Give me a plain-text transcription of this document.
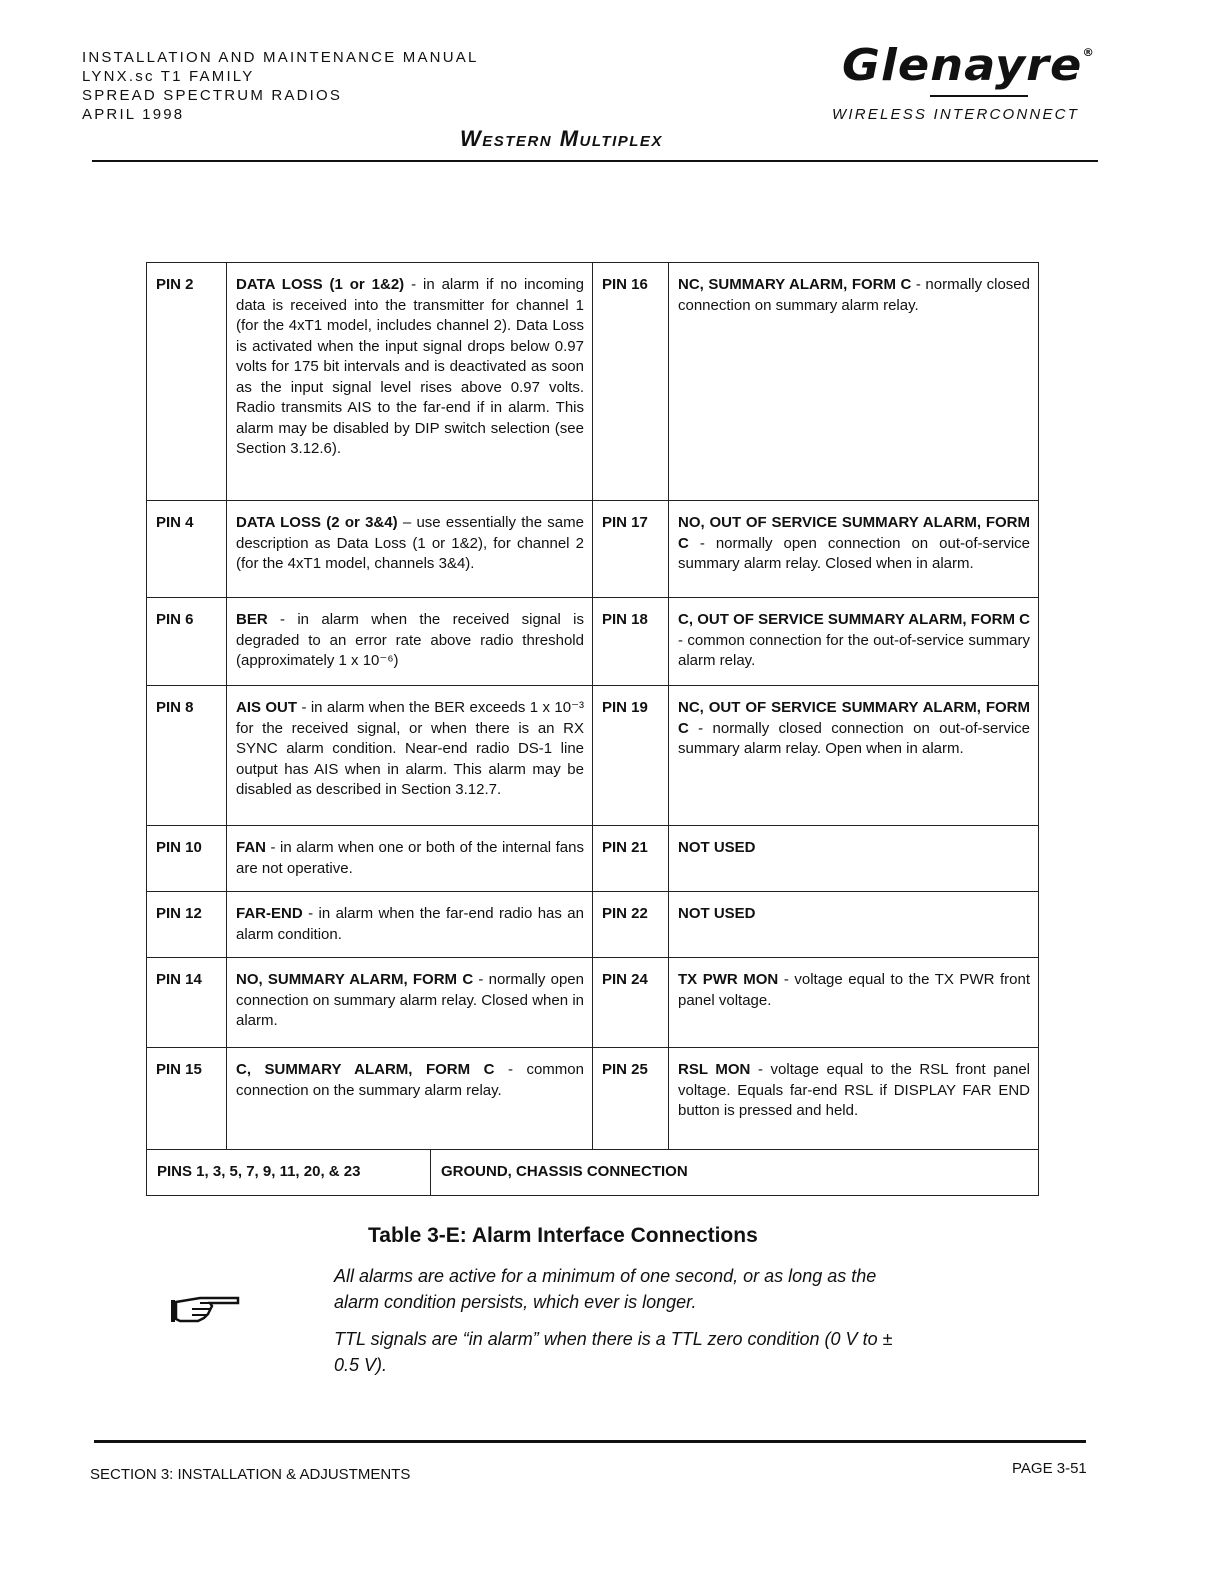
INSTALLATION AND MAINTENANCE MANUAL
LYNX.sc T1 FAMILY
SPREAD SPECTRUM RADIOS
APRIL 1998
Glenayre®
WIRELESS INTERCONNECT
Western Multiplex
PIN 2	DATA LOSS (1 or 1&2) - in alarm if no incoming data is received into the transmitter for channel 1 (for the 4xT1 model, includes channel 2). Data Loss is activated when the input signal drops below 0.97 volts for 175 bit intervals and is deactivated as soon as the input signal level rises above 0.97 volts. Radio transmits AIS to the far-end if in alarm. This alarm may be disabled by DIP switch selection (see Section 3.12.6).	PIN 16	NC, SUMMARY ALARM, FORM C - normally closed connection on summary alarm relay.
PIN 4	DATA LOSS (2 or 3&4) – use essentially the same description as Data Loss (1 or 1&2), for channel 2 (for the 4xT1 model, channels 3&4).	PIN 17	NO, OUT OF SERVICE SUMMARY ALARM, FORM C - normally open connection on out-of-service summary alarm relay. Closed when in alarm.
PIN 6	BER - in alarm when the received signal is degraded to an error rate above radio threshold (approximately 1 x 10⁻⁶)	PIN 18	C, OUT OF SERVICE SUMMARY ALARM, FORM C - common connection for the out-of-service summary alarm relay.
PIN 8	AIS OUT - in alarm when the BER exceeds 1 x 10⁻³ for the received signal, or when there is an RX SYNC alarm condition. Near-end radio DS-1 line output has AIS when in alarm. This alarm may be disabled as described in Section 3.12.7.	PIN 19	NC, OUT OF SERVICE SUMMARY ALARM, FORM C - normally closed connection on out-of-service summary alarm relay. Open when in alarm.
PIN 10	FAN - in alarm when one or both of the internal fans are not operative.	PIN 21	NOT USED
PIN 12	FAR-END - in alarm when the far-end radio has an alarm condition.	PIN 22	NOT USED
PIN 14	NO, SUMMARY ALARM, FORM C - normally open connection on summary alarm relay. Closed when in alarm.	PIN 24	TX PWR MON - voltage equal to the TX PWR front panel voltage.
PIN 15	C, SUMMARY ALARM, FORM C - common connection on the summary alarm relay.	PIN 25	RSL MON - voltage equal to the RSL front panel voltage. Equals far-end RSL if DISPLAY FAR END button is pressed and held.

PINS 1, 3, 5, 7, 9, 11, 20, & 23	GROUND, CHASSIS CONNECTION
Table 3-E: Alarm Interface Connections
All alarms are active for a minimum of one second, or as long as the alarm condition persists, which ever is longer.
TTL signals are “in alarm” when there is a TTL zero condition (0 V to ± 0.5 V).
SECTION 3: INSTALLATION & ADJUSTMENTS	PAGE 3-51
